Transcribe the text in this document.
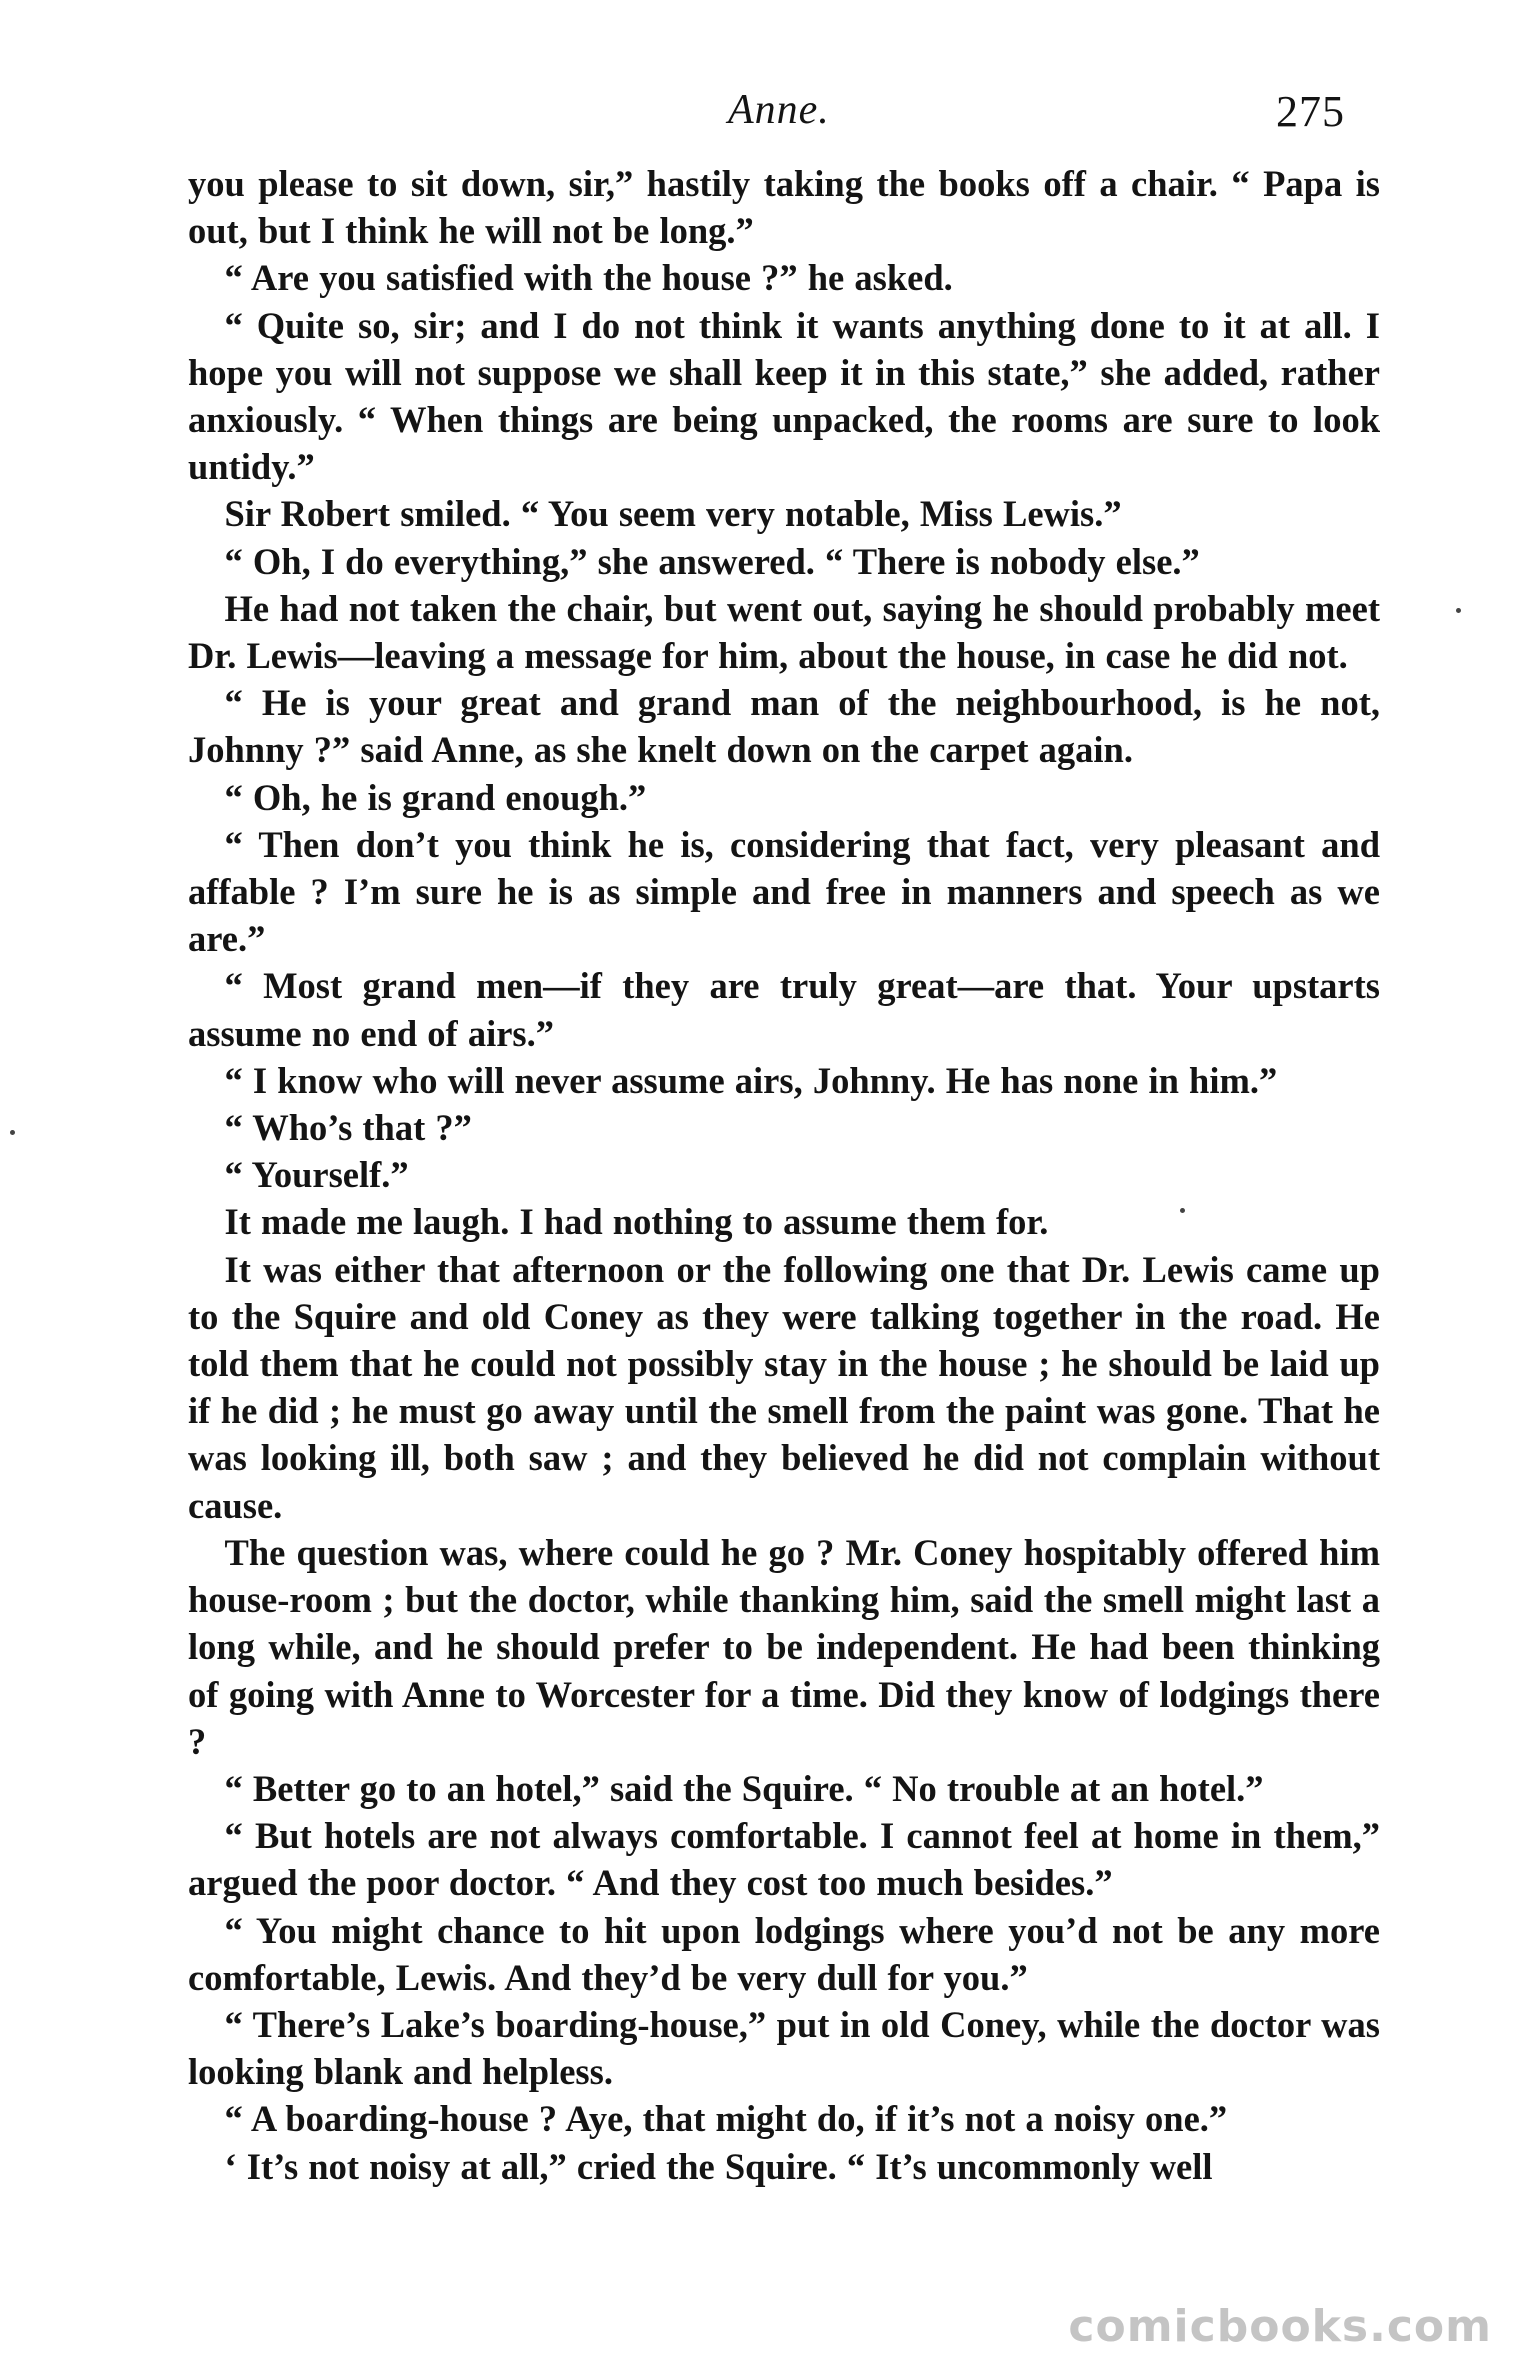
Anne.	275

you please to sit down, sir,” hastily taking the books off a chair. “ Papa is out, but I think he will not be long.”

“ Are you satisfied with the house ?” he asked.

“ Quite so, sir; and I do not think it wants anything done to it at all. I hope you will not suppose we shall keep it in this state,” she added, rather anxiously. “ When things are being unpacked, the rooms are sure to look untidy.”

Sir Robert smiled. “ You seem very notable, Miss Lewis.”

“ Oh, I do everything,” she answered. “ There is nobody else.”

He had not taken the chair, but went out, saying he should probably meet Dr. Lewis—leaving a message for him, about the house, in case he did not.

“ He is your great and grand man of the neighbourhood, is he not, Johnny ?” said Anne, as she knelt down on the carpet again.

“ Oh, he is grand enough.”

“ Then don’t you think he is, considering that fact, very pleasant and affable ? I’m sure he is as simple and free in manners and speech as we are.”

“ Most grand men—if they are truly great—are that. Your upstarts assume no end of airs.”

“ I know who will never assume airs, Johnny. He has none in him.”

“ Who’s that ?”

“ Yourself.”

It made me laugh. I had nothing to assume them for.

It was either that afternoon or the following one that Dr. Lewis came up to the Squire and old Coney as they were talking together in the road. He told them that he could not possibly stay in the house ; he should be laid up if he did ; he must go away until the smell from the paint was gone. That he was looking ill, both saw ; and they believed he did not complain without cause.

The question was, where could he go ? Mr. Coney hospitably offered him house-room ; but the doctor, while thanking him, said the smell might last a long while, and he should prefer to be independent. He had been thinking of going with Anne to Worcester for a time. Did they know of lodgings there ?

“ Better go to an hotel,” said the Squire. “ No trouble at an hotel.”

“ But hotels are not always comfortable. I cannot feel at home in them,” argued the poor doctor. “ And they cost too much besides.”

“ You might chance to hit upon lodgings where you’d not be any more comfortable, Lewis. And they’d be very dull for you.”

“ There’s Lake’s boarding-house,” put in old Coney, while the doctor was looking blank and helpless.

“ A boarding-house ? Aye, that might do, if it’s not a noisy one.”

‘ It’s not noisy at all,” cried the Squire. “ It’s uncommonly well

comicbooks.com
